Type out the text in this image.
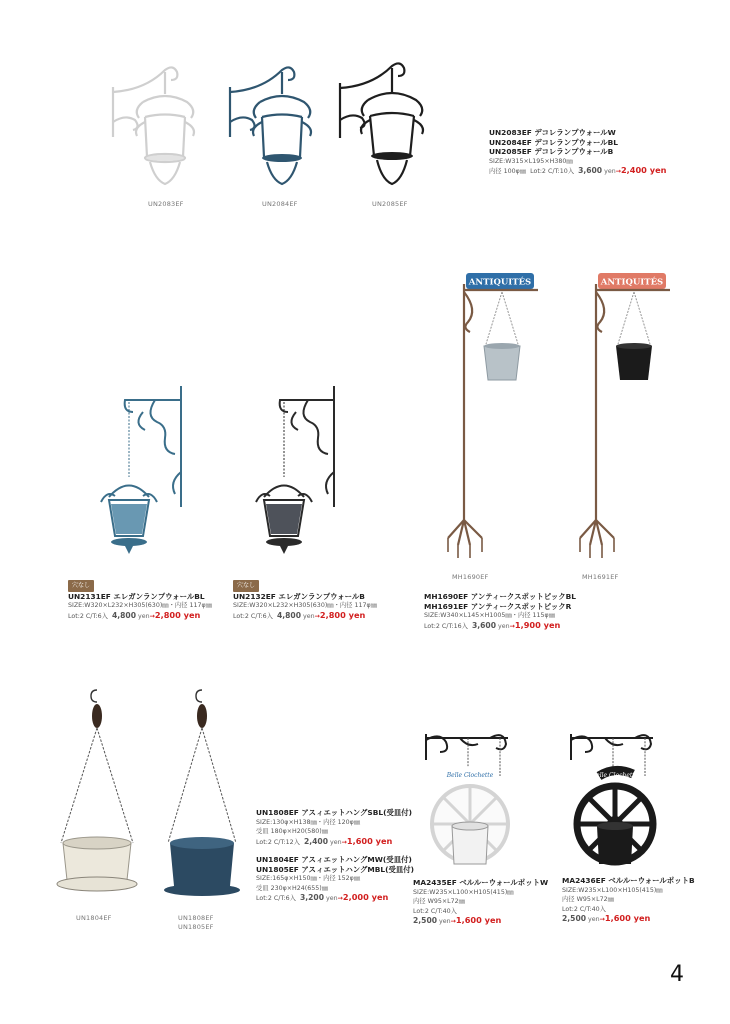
UN2083EF	UN2084EF	UN2085EF
UN2083EF デコレランプウォールW
UN2084EF デコレランプウォールBL
UN2085EF デコレランプウォールB
SIZE:W315×L195×H380㎜
内径 100φ㎜ Lot:2 C/T:10入 3,600 yen→2,400 yen
穴なし
UN2131EF エレガンランプウォールBL
SIZE:W320×L232×H305(630)㎜・内径 117φ㎜
Lot:2 C/T:6入 4,800 yen→2,800 yen
穴なし
UN2132EF エレガンランプウォールB
SIZE:W320×L232×H305(630)㎜・内径 117φ㎜
Lot:2 C/T:6入 4,800 yen→2,800 yen
ANTIQUITÉS	ANTIQUITÉS
MH1690EF	MH1691EF
MH1690EF アンティークスポットピックBL
MH1691EF アンティークスポットピックR
SIZE:W340×L145×H1005㎜・内径 115φ㎜
Lot:2 C/T:16入 3,600 yen→1,900 yen
UN1804EF	UN1808EF
UN1805EF
UN1808EF アスィエットハングSBL(受皿付)
SIZE:130φ×H138㎜・内径 120φ㎜
受皿 180φ×H20(580)㎜
Lot:2 C/T:12入 2,400 yen→1,600 yen
UN1804EF アスィエットハングMW(受皿付)
UN1805EF アスィエットハングMBL(受皿付)
SIZE:165φ×H150㎜・内径 152φ㎜
受皿 230φ×H24(655)㎜
Lot:2 C/T:6入 3,200 yen→2,000 yen
Belle Clochette	Belle Clochette
MA2435EF ベルルーウォールポットW
SIZE:W235×L100×H105(415)㎜
内径 W95×L72㎜
Lot:2 C/T:40入
2,500 yen→1,600 yen
MA2436EF ベルルーウォールポットB
SIZE:W235×L100×H105(415)㎜
内径 W95×L72㎜
Lot:2 C/T:40入
2,500 yen→1,600 yen
4
